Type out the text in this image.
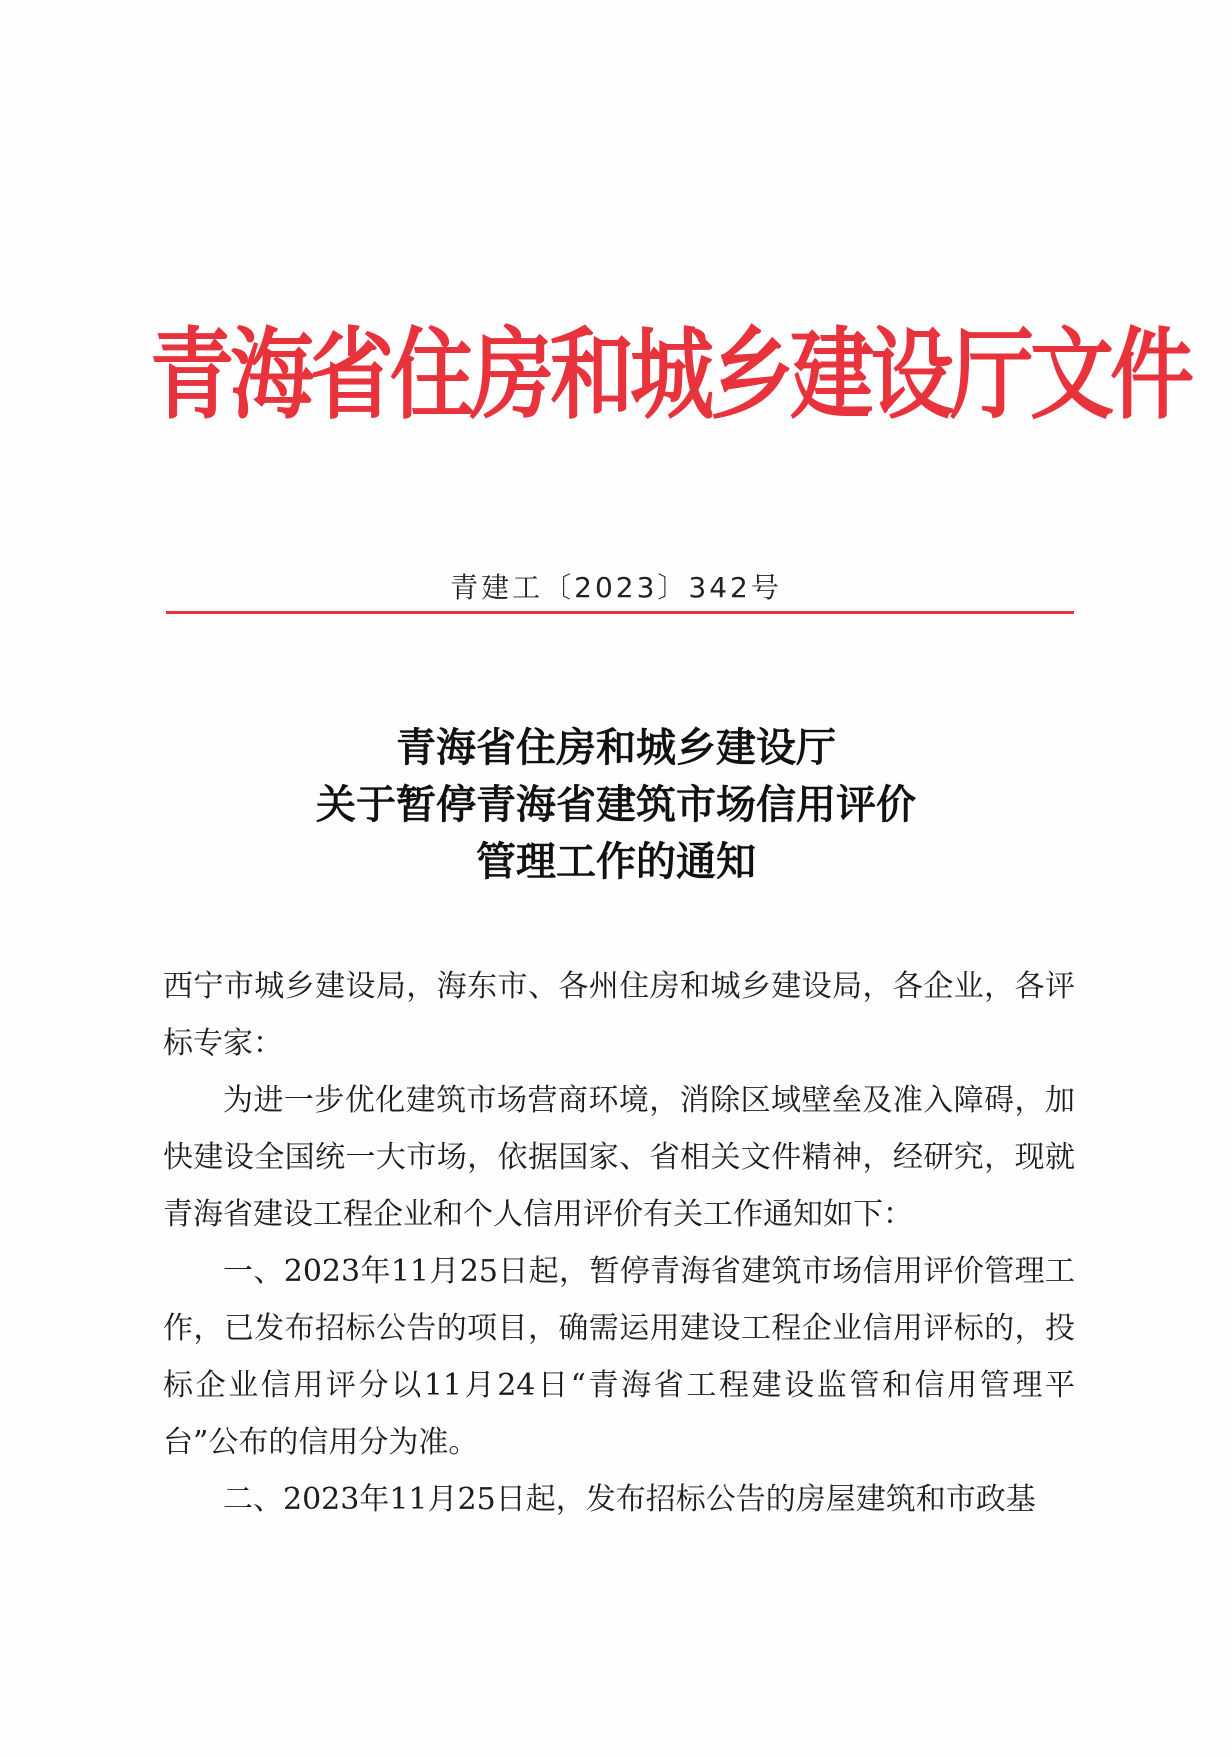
青海省住房和城乡建设厅文件
青建工〔2023〕342号
青海省住房和城乡建设厅
关于暂停青海省建筑市场信用评价
管理工作的通知

西宁市城乡建设局，海东市、各州住房和城乡建设局，各企业，各评标专家：

为进一步优化建筑市场营商环境，消除区域壁垒及准入障碍，加快建设全国统一大市场，依据国家、省相关文件精神，经研究，现就青海省建设工程企业和个人信用评价有关工作通知如下：

一、2023年11月25日起，暂停青海省建筑市场信用评价管理工作，已发布招标公告的项目，确需运用建设工程企业信用评标的，投标企业信用评分以11月24日“青海省工程建设监管和信用管理平台”公布的信用分为准。

二、2023年11月25日起，发布招标公告的房屋建筑和市政基
